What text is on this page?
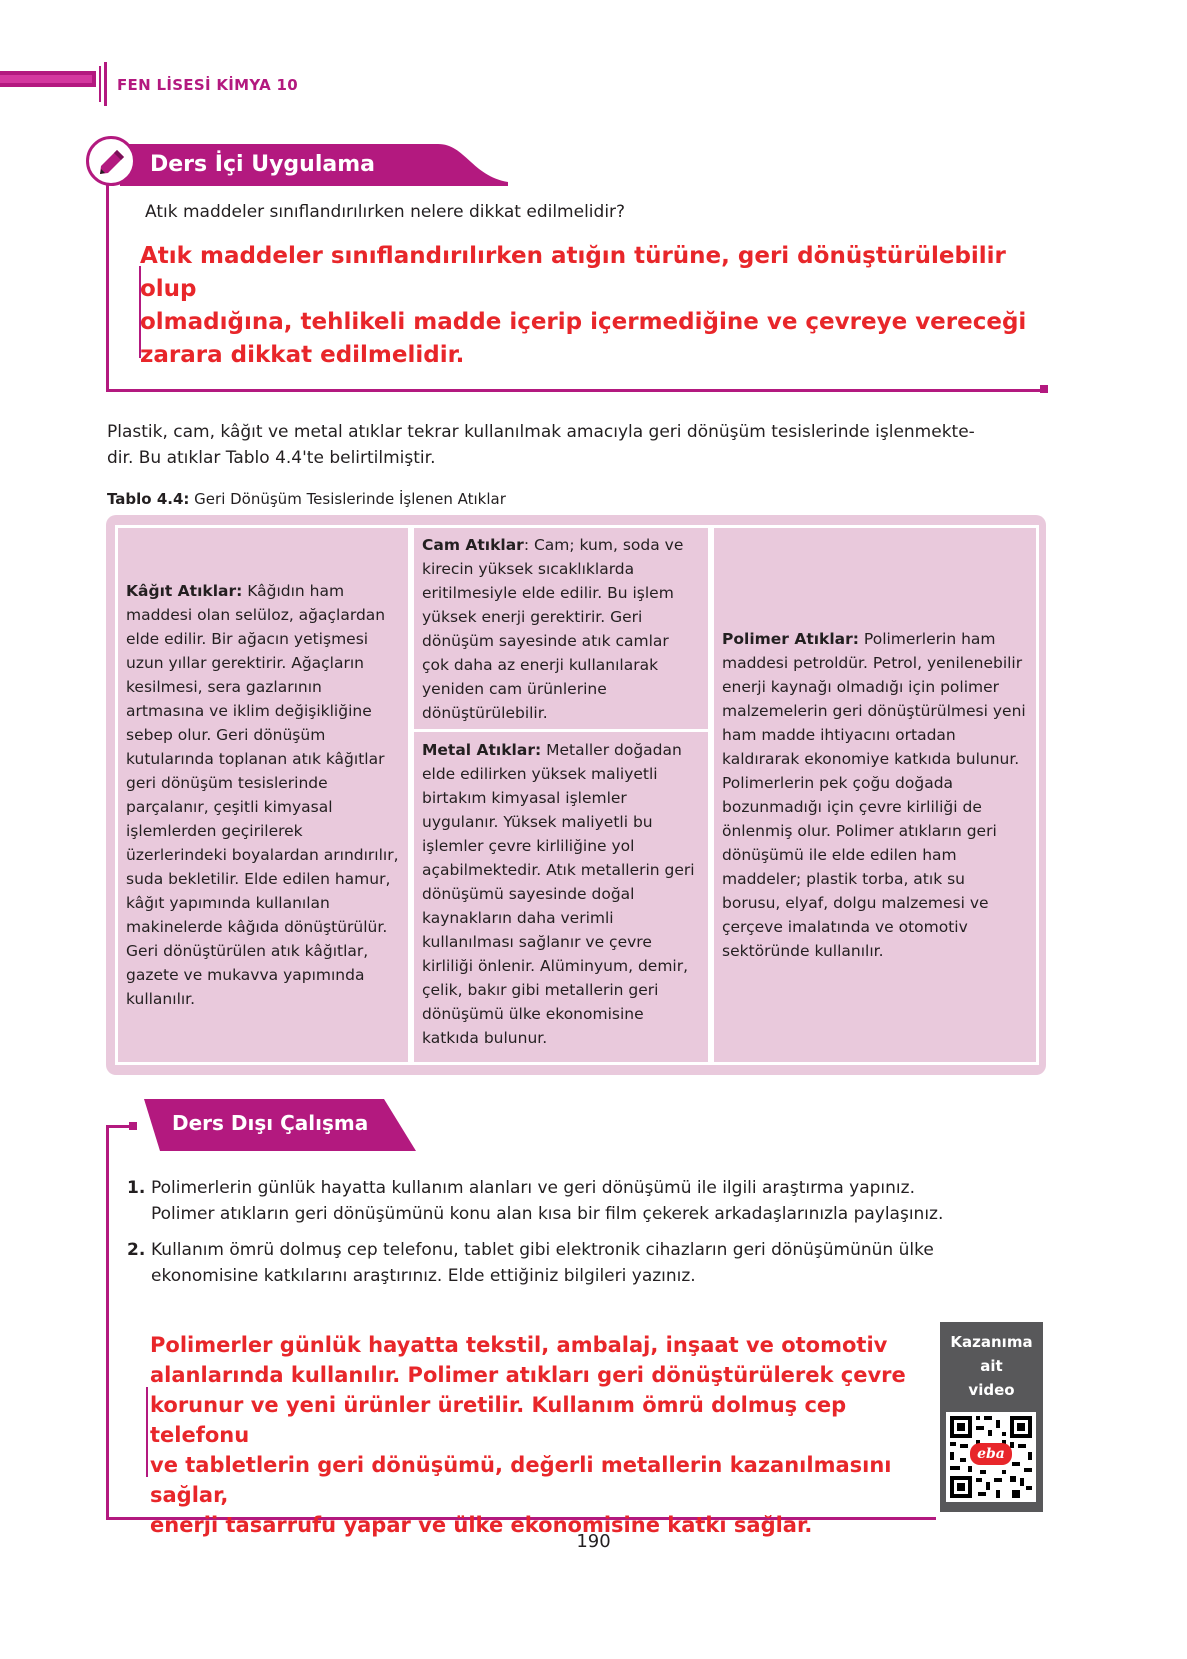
FEN LİSESİ KİMYA 10
Ders İçi Uygulama
Atık maddeler sınıflandırılırken nelere dikkat edilmelidir?
Atık maddeler sınıflandırılırken atığın türüne, geri dönüştürülebilir olup
olmadığına, tehlikeli madde içerip içermediğine ve çevreye vereceği
zarara dikkat edilmelidir.
Plastik, cam, kâğıt ve metal atıklar tekrar kullanılmak amacıyla geri dönüşüm tesislerinde işlenmekte-
dir. Bu atıklar Tablo 4.4'te belirtilmiştir.
Tablo 4.4: Geri Dönüşüm Tesislerinde İşlenen Atıklar
Kâğıt Atıklar: Kâğıdın ham maddesi olan selüloz, ağaçlardan elde edilir. Bir ağacın yetişmesi uzun yıllar gerektirir. Ağaçların kesilmesi, sera gazlarının artmasına ve iklim değişikliğine sebep olur. Geri dönüşüm kutularında toplanan atık kâğıtlar geri dönüşüm tesislerinde parçalanır, çeşitli kimyasal işlemlerden geçirilerek üzerlerindeki boyalardan arındırılır, suda bekletilir. Elde edilen hamur, kâğıt yapımında kullanılan makinelerde kâğıda dönüştürülür. Geri dönüştürülen atık kâğıtlar, gazete ve mukavva yapımında kullanılır.
Cam Atıklar: Cam; kum, soda ve kirecin yüksek sıcaklıklarda eritilmesiyle elde edilir. Bu işlem yüksek enerji gerektirir. Geri dönüşüm sayesinde atık camlar çok daha az enerji kullanılarak yeniden cam ürünlerine dönüştürülebilir.
Metal Atıklar: Metaller doğadan elde edilirken yüksek maliyetli birtakım kimyasal işlemler uygulanır. Yüksek maliyetli bu işlemler çevre kirliliğine yol açabilmektedir. Atık metallerin geri dönüşümü sayesinde doğal kaynakların daha verimli kullanılması sağlanır ve çevre kirliliği önlenir. Alüminyum, demir, çelik, bakır gibi metallerin geri dönüşümü ülke ekonomisine katkıda bulunur.
Polimer Atıklar: Polimerlerin ham maddesi petroldür. Petrol, yenilenebilir enerji kaynağı olmadığı için polimer malzemelerin geri dönüştürülmesi yeni ham madde ihtiyacını ortadan kaldırarak ekonomiye katkıda bulunur. Polimerlerin pek çoğu doğada bozunmadığı için çevre kirliliği de önlenmiş olur. Polimer atıkların geri dönüşümü ile elde edilen ham maddeler; plastik torba, atık su borusu, elyaf, dolgu malzemesi ve çerçeve imalatında ve otomotiv sektöründe kullanılır.
Ders Dışı Çalışma
1. Polimerlerin günlük hayatta kullanım alanları ve geri dönüşümü ile ilgili araştırma yapınız. Polimer atıkların geri dönüşümünü konu alan kısa bir film çekerek arkadaşlarınızla paylaşınız.
2. Kullanım ömrü dolmuş cep telefonu, tablet gibi elektronik cihazların geri dönüşümünün ülke ekonomisine katkılarını araştırınız. Elde ettiğiniz bilgileri yazınız.
Polimerler günlük hayatta tekstil, ambalaj, inşaat ve otomotiv
alanlarında kullanılır. Polimer atıkları geri dönüştürülerek çevre
korunur ve yeni ürünler üretilir. Kullanım ömrü dolmuş cep telefonu
ve tabletlerin geri dönüşümü, değerli metallerin kazanılmasını sağlar,
enerji tasarrufu yapar ve ülke ekonomisine katkı sağlar.
Kazanıma
ait
video
eba
190
